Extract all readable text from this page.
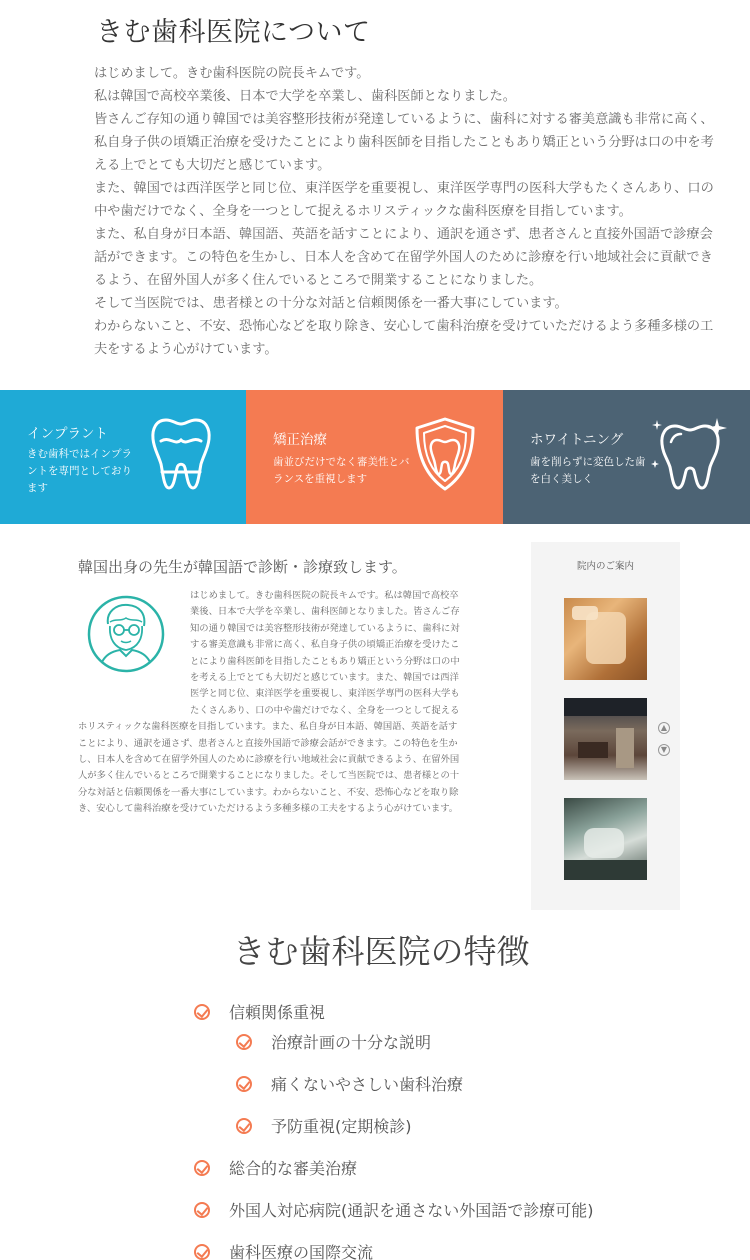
きむ歯科医院について

はじめまして。きむ歯科医院の院長キムです。

私は韓国で高校卒業後、日本で大学を卒業し、歯科医師となりました。

皆さんご存知の通り韓国では美容整形技術が発達しているように、歯科に対する審美意識も非常に高く、私自身子供の頃矯正治療を受けたことにより歯科医師を目指したこともあり矯正という分野は口の中を考える上でとても大切だと感じています。

また、韓国では西洋医学と同じ位、東洋医学を重要視し、東洋医学専門の医科大学もたくさんあり、口の中や歯だけでなく、全身を一つとして捉えるホリスティックな歯科医療を目指しています。

また、私自身が日本語、韓国語、英語を話すことにより、通訳を通さず、患者さんと直接外国語で診療会話ができます。この特色を生かし、日本人を含めて在留学外国人のために診療を行い地域社会に貢献できるよう、在留外国人が多く住んでいるところで開業することになりました。

そして当医院では、患者様との十分な対話と信頼関係を一番大事にしています。

わからないこと、不安、恐怖心などを取り除き、安心して歯科治療を受けていただけるよう多種多様の工夫をするよう心がけています。

インプラント
きむ歯科ではインプラントを専門としております
矯正治療
歯並びだけでなく審美性とバランスを重視します
ホワイトニング
歯を削らずに変色した歯を白く美しく
韓国出身の先生が韓国語で診断・診療致します。
はじめまして。きむ歯科医院の院長キムです。私は韓国で高校卒業後、日本で大学を卒業し、歯科医師となりました。皆さんご存知の通り韓国では美容整形技術が発達しているように、歯科に対する審美意識も非常に高く、私自身子供の頃矯正治療を受けたことにより歯科医師を目指したこともあり矯正という分野は口の中を考える上でとても大切だと感じています。また、韓国では西洋医学と同じ位、東洋医学を重要視し、東洋医学専門の医科大学もたくさんあり、口の中や歯だけでなく、全身を一つとして捉えるホリスティックな歯科医療を目指しています。また、私自身が日本語、韓国語、英語を話すことにより、通訳を通さず、患者さんと直接外国語で診療会話ができます。この特色を生かし、日本人を含めて在留学外国人のために診療を行い地域社会に貢献できるよう、在留外国人が多く住んでいるところで開業することになりました。そして当医院では、患者様との十分な対話と信頼関係を一番大事にしています。わからないこと、不安、恐怖心などを取り除き、安心して歯科治療を受けていただけるよう多種多様の工夫をするよう心がけています。
院内のご案内
▲
▼
きむ歯科医院の特徴
信頼関係重視
治療計画の十分な説明
痛くないやさしい歯科治療
予防重視(定期検診)
総合的な審美治療
外国人対応病院(通訳を通さない外国語で診療可能)
歯科医療の国際交流
